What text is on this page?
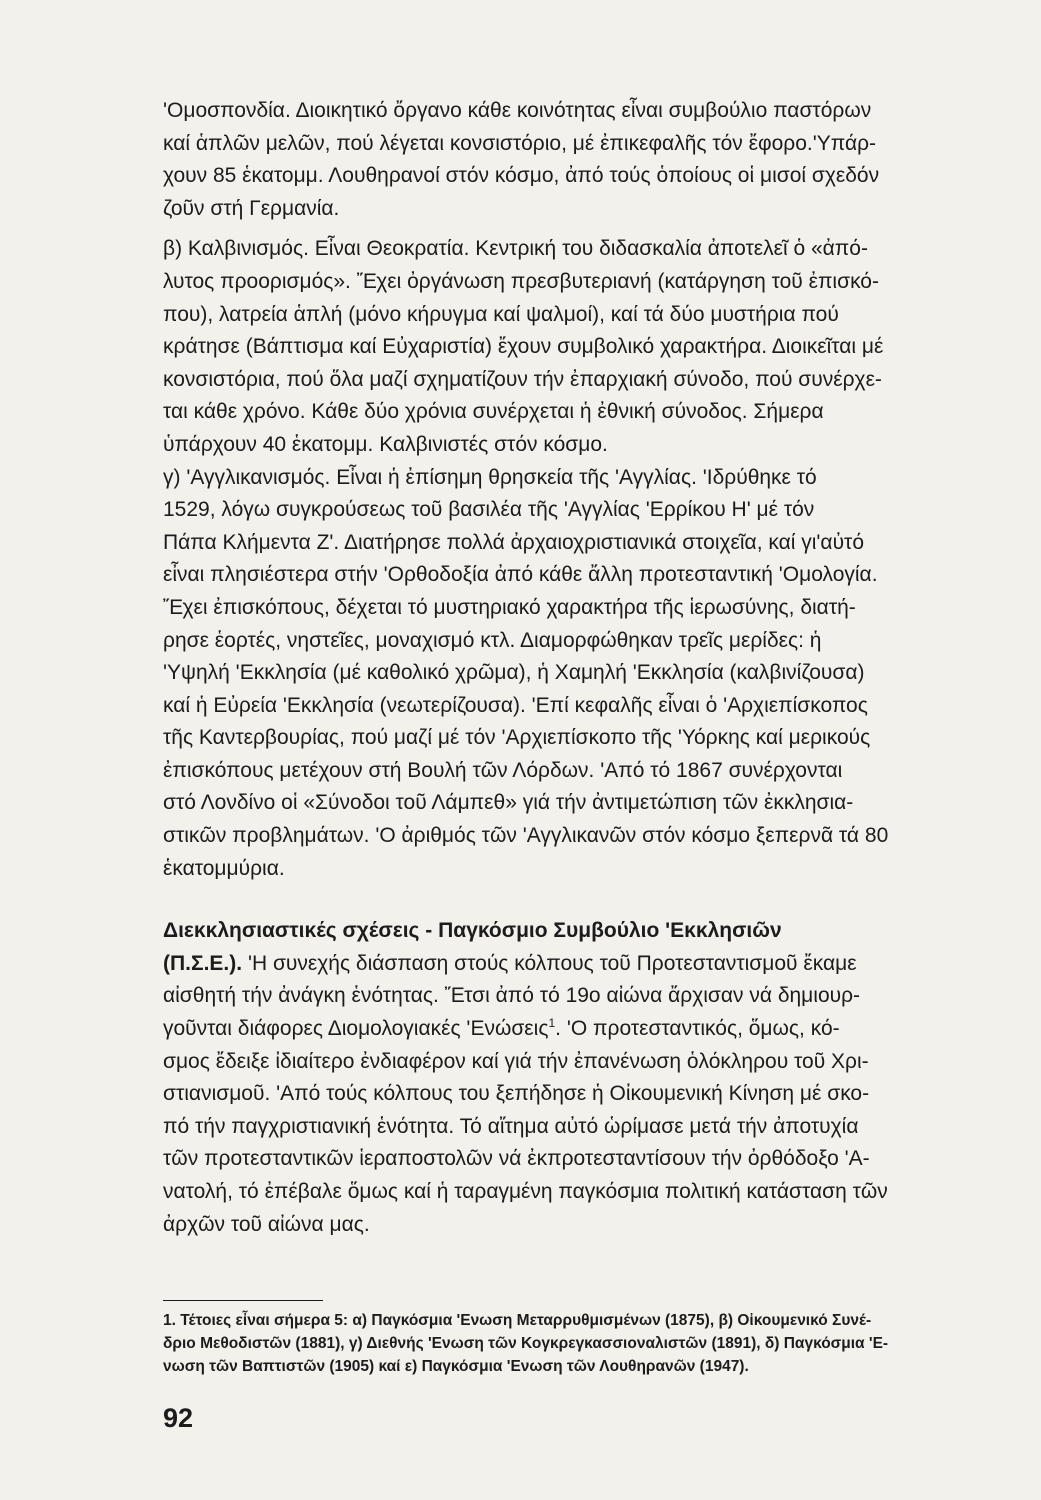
'Ομοσπονδία. Διοικητικό ὄργανο κάθε κοινότητας εἶναι συμβούλιο παστόρων
καί ἁπλῶν μελῶν, πού λέγεται κονσιστόριο, μέ ἐπικεφαλῆς τόν ἔφορο.'Υπάρ-
χουν 85 ἑκατομμ. Λουθηρανοί στόν κόσμο, ἀπό τούς ὁποίους οἱ μισοί σχεδόν
ζοῦν στή Γερμανία.

β) Καλβινισμός. Εἶναι Θεοκρατία. Κεντρική του διδασκαλία ἀποτελεῖ ὁ «ἀπό-
λυτος προορισμός». Ἔχει ὀργάνωση πρεσβυτεριανή (κατάργηση τοῦ ἐπισκό-
που), λατρεία ἁπλή (μόνο κήρυγμα καί ψαλμοί), καί τά δύο μυστήρια πού
κράτησε (Βάπτισμα καί Εὐχαριστία) ἔχουν συμβολικό χαρακτήρα. Διοικεῖται μέ
κονσιστόρια, πού ὅλα μαζί σχηματίζουν τήν ἐπαρχιακή σύνοδο, πού συνέρχε-
ται κάθε χρόνο. Κάθε δύο χρόνια συνέρχεται ἡ ἐθνική σύνοδος. Σήμερα
ὑπάρχουν 40 ἑκατομμ. Καλβινιστές στόν κόσμο.

γ) 'Αγγλικανισμός. Εἶναι ἡ ἐπίσημη θρησκεία τῆς 'Αγγλίας. 'Ιδρύθηκε τό
1529, λόγω συγκρούσεως τοῦ βασιλέα τῆς 'Αγγλίας 'Ερρίκου Η' μέ τόν
Πάπα Κλήμεντα Ζ'. Διατήρησε πολλά ἀρχαιοχριστιανικά στοιχεῖα, καί γι'αὐτό
εἶναι πλησιέστερα στήν 'Ορθοδοξία ἀπό κάθε ἄλλη προτεσταντική 'Ομολογία.
Ἔχει ἐπισκόπους, δέχεται τό μυστηριακό χαρακτήρα τῆς ἱερωσύνης, διατή-
ρησε ἑορτές, νηστεῖες, μοναχισμό κτλ. Διαμορφώθηκαν τρεῖς μερίδες: ἡ
'Υψηλή 'Εκκλησία (μέ καθολικό χρῶμα), ἡ Χαμηλή 'Εκκλησία (καλβινίζουσα)
καί ἡ Εὐρεία 'Εκκλησία (νεωτερίζουσα). 'Επί κεφαλῆς εἶναι ὁ 'Αρχιεπίσκοπος
τῆς Καντερβουρίας, πού μαζί μέ τόν 'Αρχιεπίσκοπο τῆς 'Υόρκης καί μερικούς
ἐπισκόπους μετέχουν στή Βουλή τῶν Λόρδων. 'Από τό 1867 συνέρχονται
στό Λονδίνο οἱ «Σύνοδοι τοῦ Λάμπεθ» γιά τήν ἀντιμετώπιση τῶν ἐκκλησια-
στικῶν προβλημάτων. 'Ο ἀριθμός τῶν 'Αγγλικανῶν στόν κόσμο ξεπερνᾶ τά 80
ἑκατομμύρια.

Διεκκλησιαστικές σχέσεις - Παγκόσμιο Συμβούλιο 'Εκκλησιῶν
(Π.Σ.Ε.). 'Η συνεχής διάσπαση στούς κόλπους τοῦ Προτεσταντισμοῦ ἔκαμε
αἰσθητή τήν ἀνάγκη ἑνότητας. Ἔτσι ἀπό τό 19ο αἰώνα ἄρχισαν νά δημιουρ-
γοῦνται διάφορες Διομολογιακές 'Ενώσεις$^1$. 'Ο προτεσταντικός, ὅμως, κό-
σμος ἔδειξε ἰδιαίτερο ἐνδιαφέρον καί γιά τήν ἐπανένωση ὁλόκληρου τοῦ Χρι-
στιανισμοῦ. 'Από τούς κόλπους του ξεπήδησε ἡ Οἰκουμενική Κίνηση μέ σκο-
πό τήν παγχριστιανική ἑνότητα. Τό αἴτημα αὐτό ὡρίμασε μετά τήν ἀποτυχία
τῶν προτεσταντικῶν ἱεραποστολῶν νά ἐκπροτεσταντίσουν τήν ὀρθόδοξο 'Α-
νατολή, τό ἐπέβαλε ὅμως καί ἡ ταραγμένη παγκόσμια πολιτική κατάσταση τῶν
ἀρχῶν τοῦ αἰώνα μας.

1. Τέτοιες εἶναι σήμερα 5: α) Παγκόσμια 'Ενωση Μεταρρυθμισμένων (1875), β) Οἰκουμενικό Συνέ-
δριο Μεθοδιστῶν (1881), γ) Διεθνής 'Ενωση τῶν Κογκρεγκασσιοναλιστῶν (1891), δ) Παγκόσμια 'Ε-
νωση τῶν Βαπτιστῶν (1905) καί ε) Παγκόσμια 'Ενωση τῶν Λουθηρανῶν (1947).
92
